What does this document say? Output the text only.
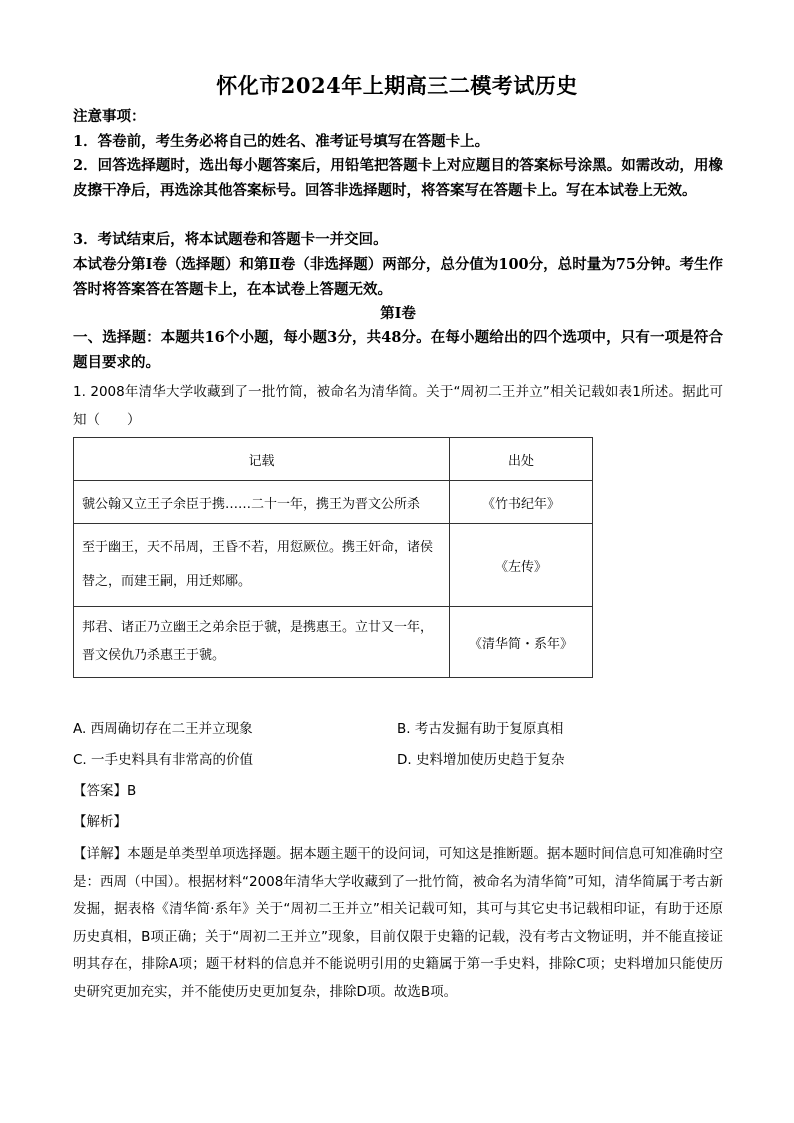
怀化市2024年上期高三二模考试历史
注意事项：
1．答卷前，考生务必将自己的姓名、准考证号填写在答题卡上。
2．回答选择题时，选出每小题答案后，用铅笔把答题卡上对应题目的答案标号涂黑。如需改动，用橡皮擦干净后，再选涂其他答案标号。回答非选择题时，将答案写在答题卡上。写在本试卷上无效。
3．考试结束后，将本试题卷和答题卡一并交回。
本试卷分第Ⅰ卷（选择题）和第Ⅱ卷（非选择题）两部分，总分值为100分，总时量为75分钟。考生作答时将答案答在答题卡上，在本试卷上答题无效。
第Ⅰ卷
一、选择题：本题共16个小题，每小题3分，共48分。在每小题给出的四个选项中，只有一项是符合题目要求的。
1. 2008年清华大学收藏到了一批竹简，被命名为清华简。关于“周初二王并立”相关记载如表1所述。据此可知（　　）
记载	出处
虢公翰又立王子余臣于携……二十一年，携王为晋文公所杀	《竹书纪年》
至于幽王，天不吊周，王昏不若，用愆厥位。携王奸命，诸侯替之，而建王嗣，用迁郏鄏。	《左传》
邦君、诸正乃立幽王之弟余臣于虢，是携惠王。立廿又一年，晋文侯仇乃杀惠王于虢。	《清华简・系年》
A. 西周确切存在二王并立现象	B. 考古发掘有助于复原真相
C. 一手史料具有非常高的价值	D. 史料增加使历史趋于复杂
【答案】B
【解析】
【详解】本题是单类型单项选择题。据本题主题干的设问词，可知这是推断题。据本题时间信息可知准确时空是：西周（中国）。根据材料“2008年清华大学收藏到了一批竹简，被命名为清华简”可知，清华简属于考古新发掘，据表格《清华简·系年》关于“周初二王并立”相关记载可知，其可与其它史书记载相印证，有助于还原历史真相，B项正确；关于“周初二王并立”现象，目前仅限于史籍的记载，没有考古文物证明，并不能直接证明其存在，排除A项；题干材料的信息并不能说明引用的史籍属于第一手史料，排除C项；史料增加只能使历史研究更加充实，并不能使历史更加复杂，排除D项。故选B项。
